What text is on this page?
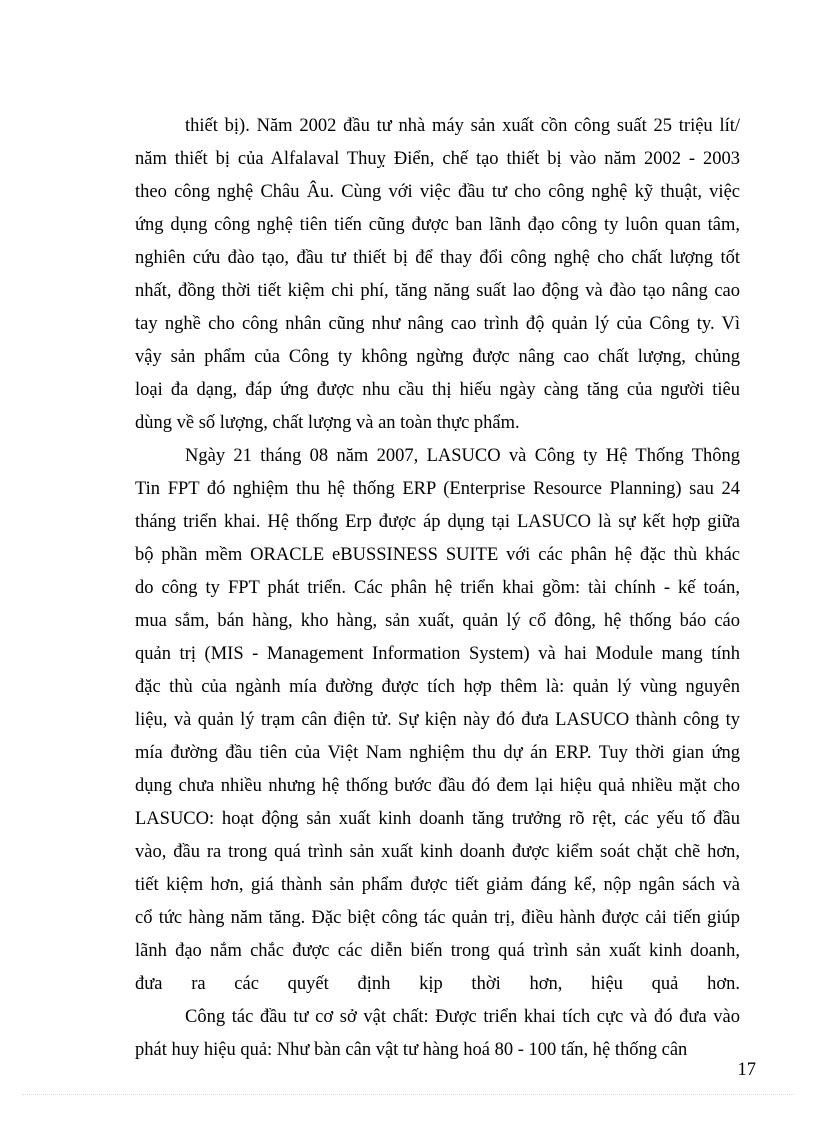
thiết bị). Năm 2002 đầu tư nhà máy sản xuất cồn công suất 25 triệu lít/
năm thiết bị của Alfalaval Thuỵ Điển, chế tạo thiết bị vào năm 2002 - 2003
theo công nghệ Châu Âu. Cùng với việc đầu tư cho công nghệ kỹ thuật, việc
ứng dụng công nghệ tiên tiến cũng được ban lãnh đạo công ty luôn quan tâm,
nghiên cứu đào tạo, đầu tư thiết bị để thay đổi công nghệ cho chất lượng tốt
nhất, đồng thời tiết kiệm chi phí, tăng năng suất lao động và đào tạo nâng cao
tay nghề cho công nhân cũng như nâng cao trình độ quản lý của Công ty. Vì
vậy sản phẩm của Công ty không ngừng được nâng cao chất lượng, chủng
loại đa dạng, đáp ứng được nhu cầu thị hiếu ngày càng tăng của người tiêu
dùng về số lượng, chất lượng và an toàn thực phẩm.
Ngày 21 tháng 08 năm 2007, LASUCO và Công ty Hệ Thống Thông
Tin FPT đó nghiệm thu hệ thống ERP (Enterprise Resource Planning) sau 24
tháng triển khai. Hệ thống Erp được áp dụng tại LASUCO là sự kết hợp giữa
bộ phần mềm ORACLE eBUSSINESS SUITE với các phân hệ đặc thù khác
do công ty FPT phát triển. Các phân hệ triển khai gồm: tài chính - kế toán,
mua sắm, bán hàng, kho hàng, sản xuất, quản lý cổ đông, hệ thống báo cáo
quản trị (MIS - Management Information System) và hai Module mang tính
đặc thù của ngành mía đường được tích hợp thêm là: quản lý vùng nguyên
liệu, và quản lý trạm cân điện tử. Sự kiện này đó đưa LASUCO thành công ty
mía đường đầu tiên của Việt Nam nghiệm thu dự án ERP. Tuy thời gian ứng
dụng chưa nhiều nhưng hệ thống bước đầu đó đem lại hiệu quả nhiều mặt cho
LASUCO: hoạt động sản xuất kinh doanh tăng trưởng rõ rệt, các yếu tố đầu
vào, đầu ra trong quá trình sản xuất kinh doanh được kiểm soát chặt chẽ hơn,
tiết kiệm hơn, giá thành sản phẩm được tiết giảm đáng kể, nộp ngân sách và
cổ tức hàng năm tăng. Đặc biệt công tác quản trị, điều hành được cải tiến giúp
lãnh đạo nắm chắc được các diễn biến trong quá trình sản xuất kinh doanh,
đưa ra các quyết định kịp thời hơn, hiệu quả hơn.
Công tác đầu tư cơ sở vật chất: Được triển khai tích cực và đó đưa vào
phát huy hiệu quả: Như bàn cân vật tư hàng hoá 80 - 100 tấn, hệ thống cân
17
